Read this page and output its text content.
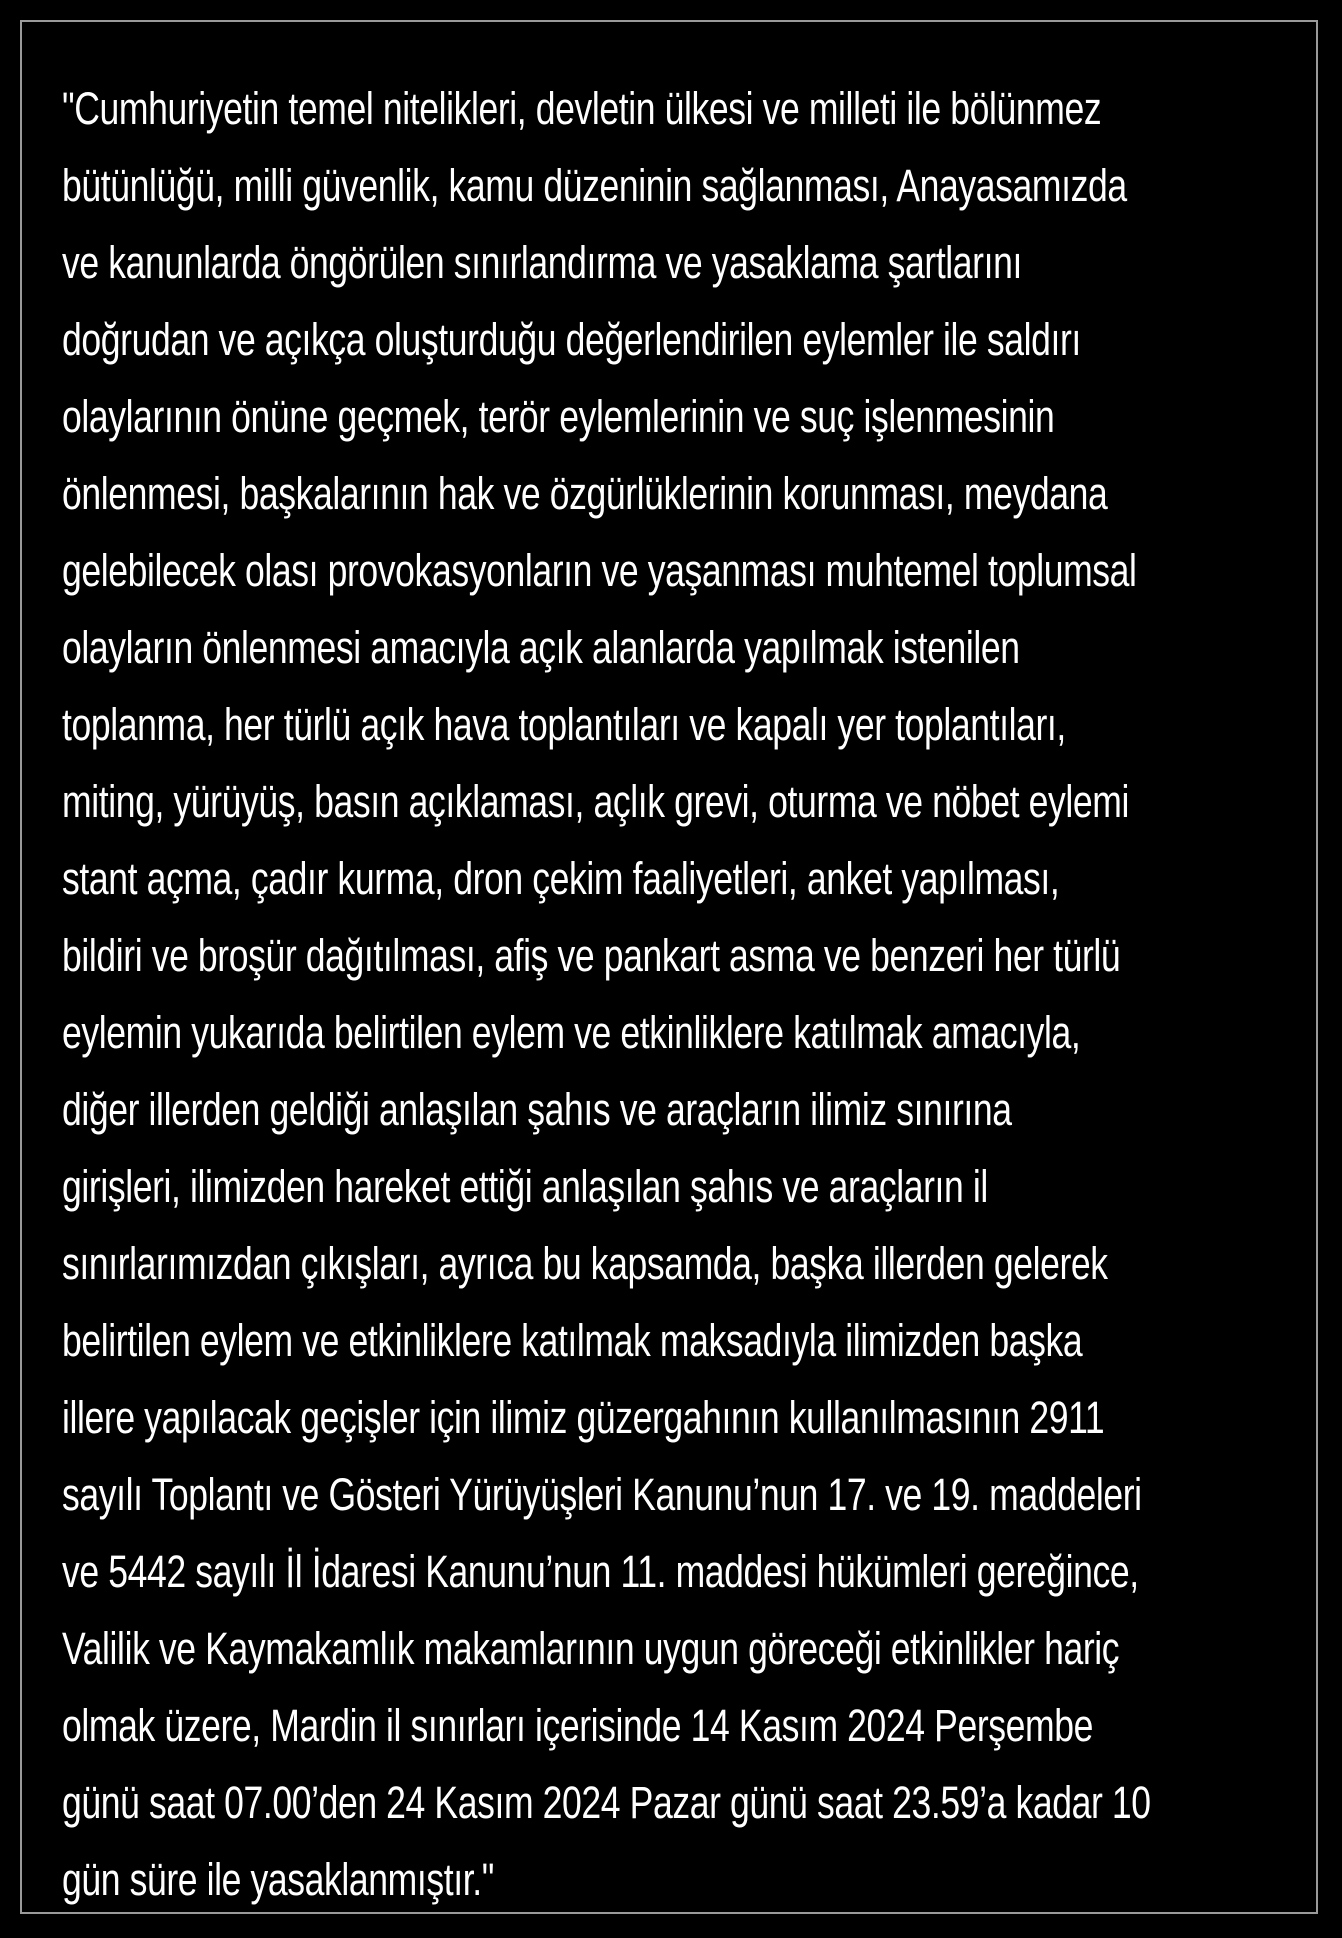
"Cumhuriyetin temel nitelikleri, devletin ülkesi ve milleti ile bölünmez
bütünlüğü, milli güvenlik, kamu düzeninin sağlanması, Anayasamızda
ve kanunlarda öngörülen sınırlandırma ve yasaklama şartlarını
doğrudan ve açıkça oluşturduğu değerlendirilen eylemler ile saldırı
olaylarının önüne geçmek, terör eylemlerinin ve suç işlenmesinin
önlenmesi, başkalarının hak ve özgürlüklerinin korunması, meydana
gelebilecek olası provokasyonların ve yaşanması muhtemel toplumsal
olayların önlenmesi amacıyla açık alanlarda yapılmak istenilen
toplanma, her türlü açık hava toplantıları ve kapalı yer toplantıları,
miting, yürüyüş, basın açıklaması, açlık grevi, oturma ve nöbet eylemi
stant açma, çadır kurma, dron çekim faaliyetleri, anket yapılması,
bildiri ve broşür dağıtılması, afiş ve pankart asma ve benzeri her türlü
eylemin yukarıda belirtilen eylem ve etkinliklere katılmak amacıyla,
diğer illerden geldiği anlaşılan şahıs ve araçların ilimiz sınırına
girişleri, ilimizden hareket ettiği anlaşılan şahıs ve araçların il
sınırlarımızdan çıkışları, ayrıca bu kapsamda, başka illerden gelerek
belirtilen eylem ve etkinliklere katılmak maksadıyla ilimizden başka
illere yapılacak geçişler için ilimiz güzergahının kullanılmasının 2911
sayılı Toplantı ve Gösteri Yürüyüşleri Kanunu’nun 17. ve 19. maddeleri
ve 5442 sayılı İl İdaresi Kanunu’nun 11. maddesi hükümleri gereğince,
Valilik ve Kaymakamlık makamlarının uygun göreceği etkinlikler hariç
olmak üzere, Mardin il sınırları içerisinde 14 Kasım 2024 Perşembe
günü saat 07.00’den 24 Kasım 2024 Pazar günü saat 23.59’a kadar 10
gün süre ile yasaklanmıştır."
